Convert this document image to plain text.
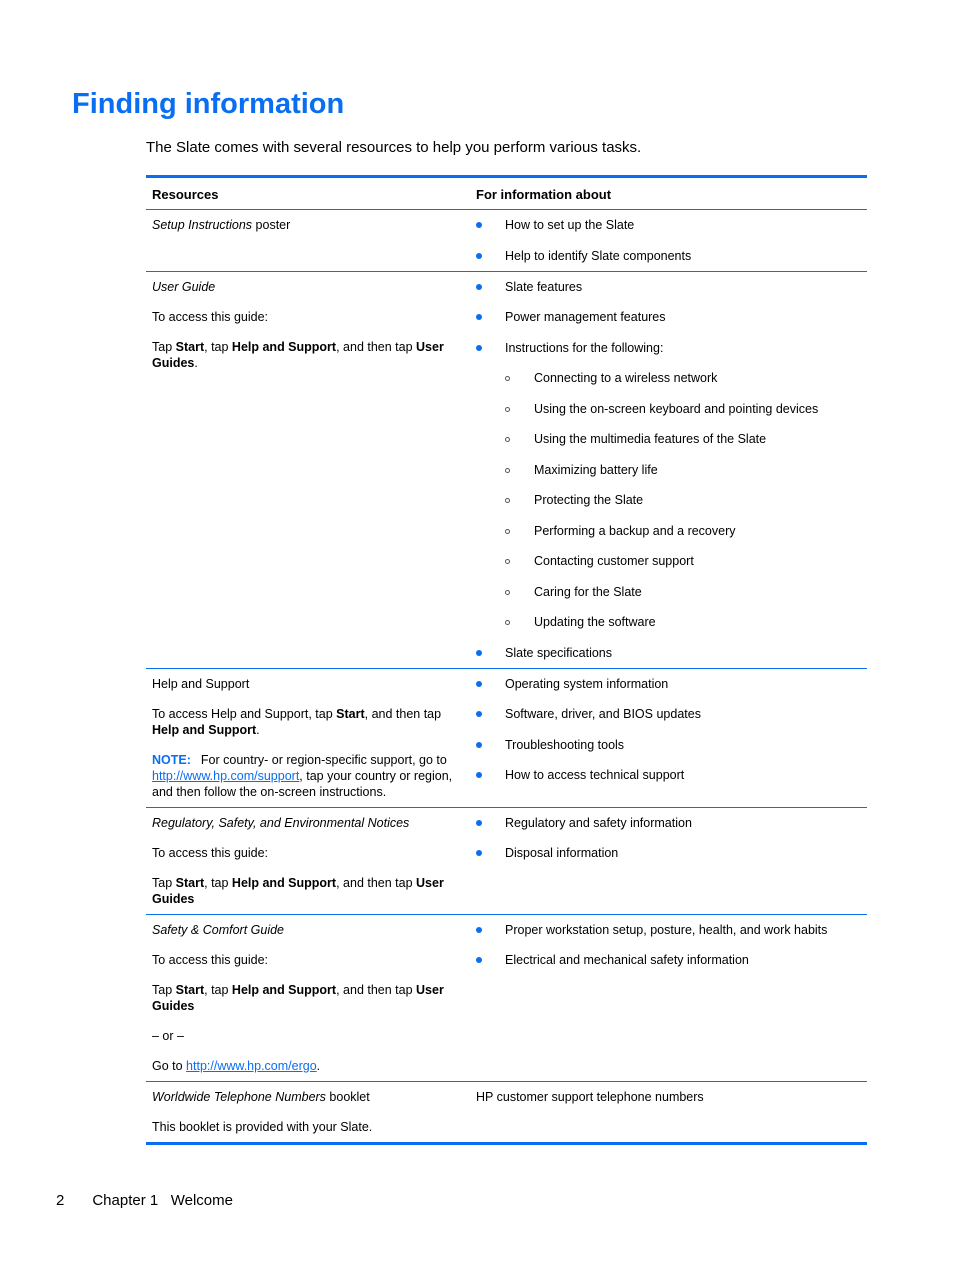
Finding information

The Slate comes with several resources to help you perform various tasks.

Resources	For information about

Setup Instructions poster	How to set up the Slate
Help to identify Slate components

User Guide

To access this guide:

Tap Start, tap Help and Support, and then tap User Guides.

Slate features
Power management features
Instructions for the following:
Connecting to a wireless network
Using the on-screen keyboard and pointing devices
Using the multimedia features of the Slate
Maximizing battery life
Protecting the Slate
Performing a backup and a recovery
Contacting customer support
Caring for the Slate
Updating the software
Slate specifications

Help and Support

To access Help and Support, tap Start, and then tap Help and Support.

NOTE: For country- or region-specific support, go to http://www.hp.com/support, tap your country or region, and then follow the on-screen instructions.

Operating system information
Software, driver, and BIOS updates
Troubleshooting tools
How to access technical support

Regulatory, Safety, and Environmental Notices

To access this guide:

Tap Start, tap Help and Support, and then tap User Guides

Regulatory and safety information
Disposal information

Safety & Comfort Guide

To access this guide:

Tap Start, tap Help and Support, and then tap User Guides

– or –

Go to http://www.hp.com/ergo.

Proper workstation setup, posture, health, and work habits
Electrical and mechanical safety information

Worldwide Telephone Numbers booklet

This booklet is provided with your Slate.

HP customer support telephone numbers

2 Chapter 1   Welcome
